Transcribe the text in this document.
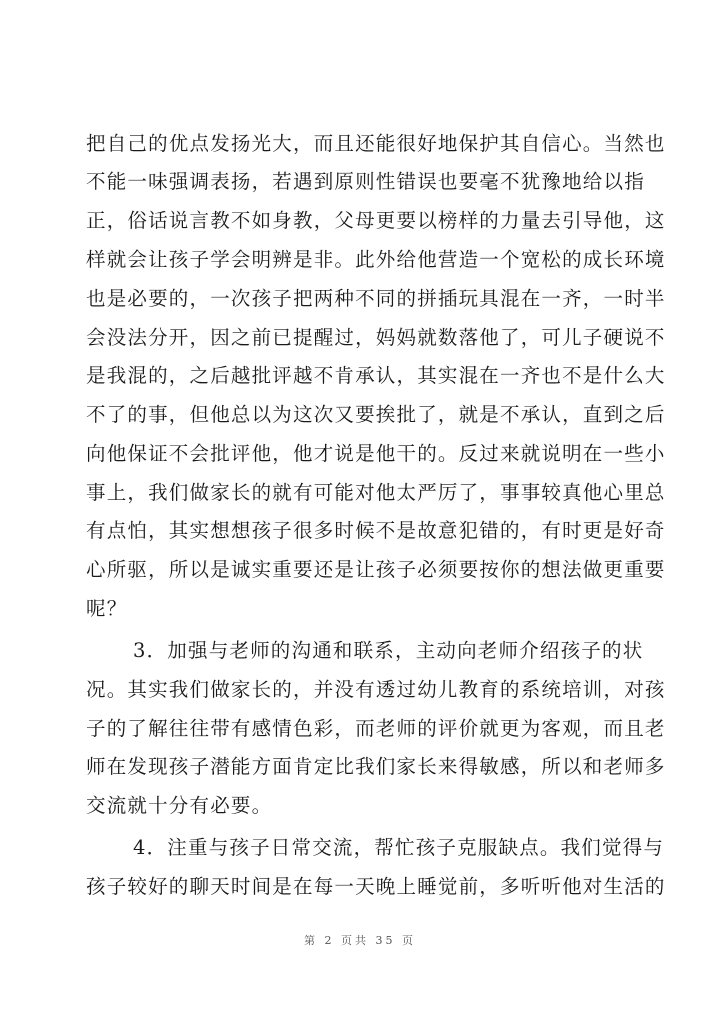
把自己的优点发扬光大，而且还能很好地保护其自信心。当然也
不能一味强调表扬，若遇到原则性错误也要毫不犹豫地给以指
正，俗话说言教不如身教，父母更要以榜样的力量去引导他，这
样就会让孩子学会明辨是非。此外给他营造一个宽松的成长环境
也是必要的，一次孩子把两种不同的拼插玩具混在一齐，一时半
会没法分开，因之前已提醒过，妈妈就数落他了，可儿子硬说不
是我混的，之后越批评越不肯承认，其实混在一齐也不是什么大
不了的事，但他总以为这次又要挨批了，就是不承认，直到之后
向他保证不会批评他，他才说是他干的。反过来就说明在一些小
事上，我们做家长的就有可能对他太严厉了，事事较真他心里总
有点怕，其实想想孩子很多时候不是故意犯错的，有时更是好奇
心所驱，所以是诚实重要还是让孩子必须要按你的想法做更重要
呢？
3．加强与老师的沟通和联系，主动向老师介绍孩子的状
况。其实我们做家长的，并没有透过幼儿教育的系统培训，对孩
子的了解往往带有感情色彩，而老师的评价就更为客观，而且老
师在发现孩子潜能方面肯定比我们家长来得敏感，所以和老师多
交流就十分有必要。
4．注重与孩子日常交流，帮忙孩子克服缺点。我们觉得与
孩子较好的聊天时间是在每一天晚上睡觉前，多听听他对生活的
第 2 页共 35 页
